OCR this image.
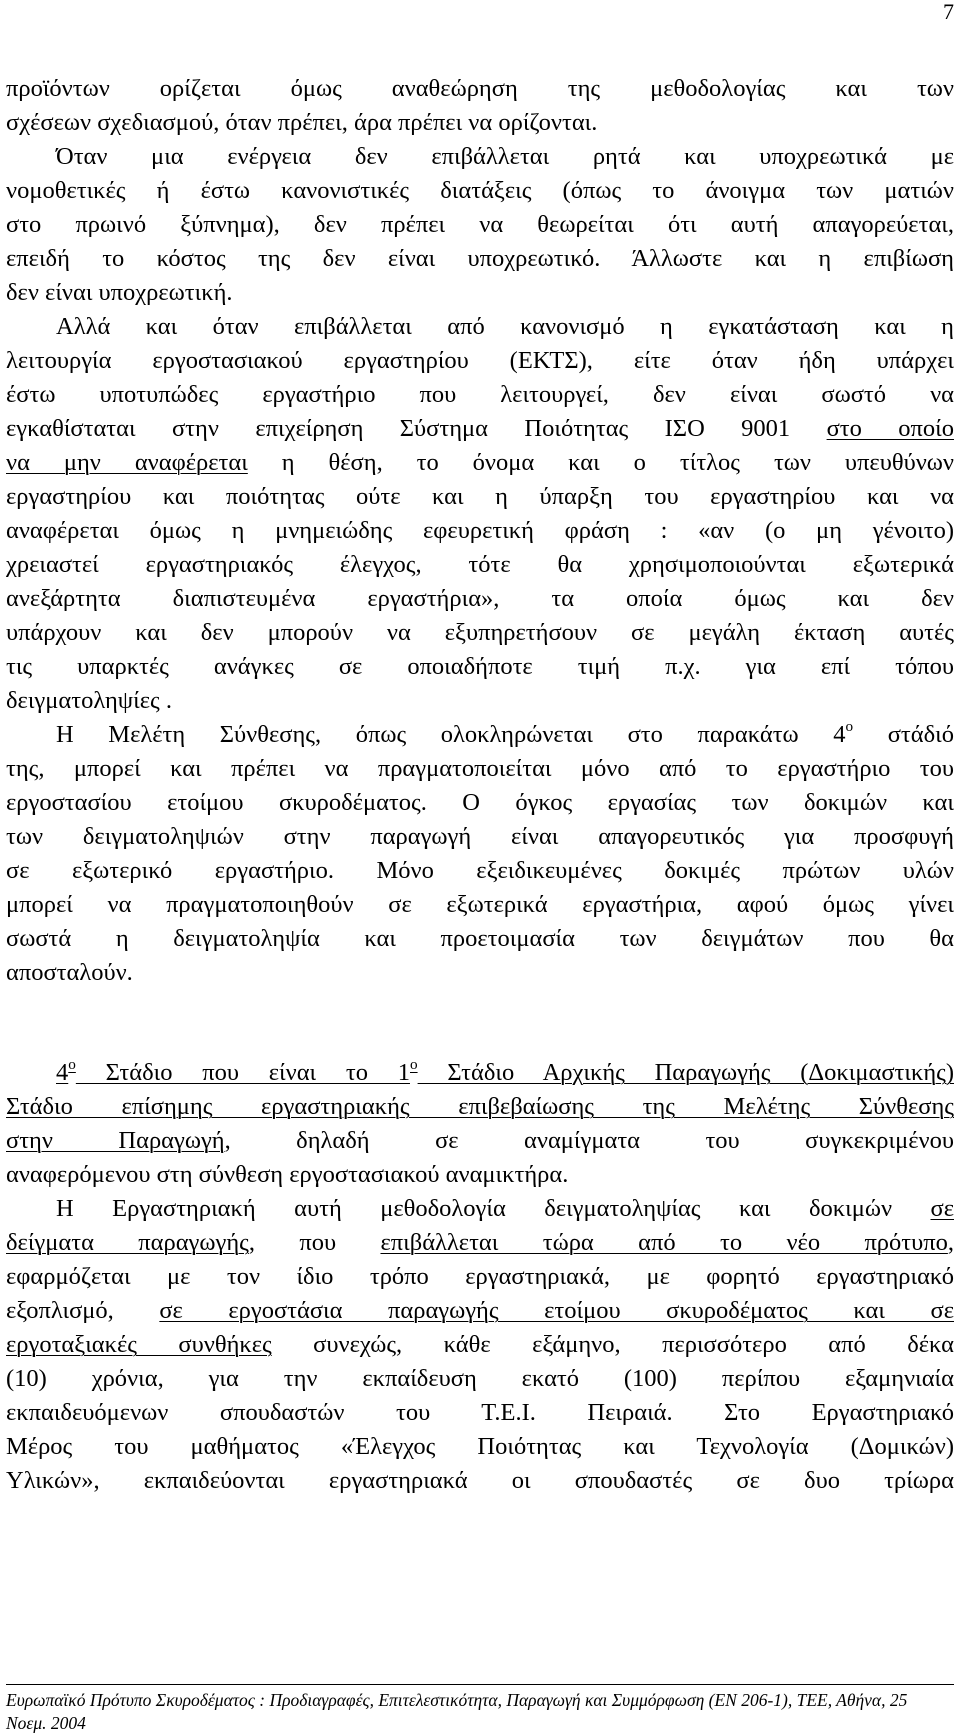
7
προϊόντων ορίζεται όμως αναθεώρηση της μεθοδολογίας και των
σχέσεων σχεδιασμού, όταν πρέπει, άρα πρέπει να ορίζονται.
Όταν μια ενέργεια δεν επιβάλλεται ρητά και υποχρεωτικά με
νομοθετικές ή έστω κανονιστικές διατάξεις (όπως το άνοιγμα των ματιών
στο πρωινό ξύπνημα), δεν πρέπει να θεωρείται ότι αυτή απαγορεύεται,
επειδή το κόστος της δεν είναι υποχρεωτικό. Άλλωστε και η επιβίωση
δεν είναι υποχρεωτική.
Αλλά και όταν επιβάλλεται από κανονισμό η εγκατάσταση και η
λειτουργία εργοστασιακού εργαστηρίου (ΕΚΤΣ), είτε όταν ήδη υπάρχει
έστω υποτυπώδες εργαστήριο που λειτουργεί, δεν είναι σωστό να
εγκαθίσταται στην επιχείρηση Σύστημα Ποιότητας ΙΣΟ 9001 στο οποίο
να μην αναφέρεται η θέση, το όνομα και ο τίτλος των υπευθύνων
εργαστηρίου και ποιότητας ούτε και η ύπαρξη του εργαστηρίου και να
αναφέρεται όμως η μνημειώδης εφευρετική φράση : «αν (ο μη γένοιτο)
χρειαστεί εργαστηριακός έλεγχος, τότε θα χρησιμοποιούνται εξωτερικά
ανεξάρτητα διαπιστευμένα εργαστήρια», τα οποία όμως και δεν
υπάρχουν και δεν μπορούν να εξυπηρετήσουν σε μεγάλη έκταση αυτές
τις υπαρκτές ανάγκες σε οποιαδήποτε τιμή π.χ. για επί τόπου
δειγματοληψίες .
Η Μελέτη Σύνθεσης, όπως ολοκληρώνεται στο παρακάτω $4^o$ στάδιό
της, μπορεί και πρέπει να πραγματοποιείται μόνο από το εργαστήριο του
εργοστασίου ετοίμου σκυροδέματος. Ο όγκος εργασίας των δοκιμών και
των δειγματοληψιών στην παραγωγή είναι απαγορευτικός για προσφυγή
σε εξωτερικό εργαστήριο. Μόνο εξειδικευμένες δοκιμές πρώτων υλών
μπορεί να πραγματοποιηθούν σε εξωτερικά εργαστήρια, αφού όμως γίνει
σωστά η δειγματοληψία και προετοιμασία των δειγμάτων που θα
αποσταλούν.
$4^o$ Στάδιο που είναι το $1^o$ Στάδιο Αρχικής Παραγωγής (Δοκιμαστικής)
Στάδιο επίσημης εργαστηριακής επιβεβαίωσης της Μελέτης Σύνθεσης
στην Παραγωγή, δηλαδή σε αναμίγματα του συγκεκριμένου
αναφερόμενου στη σύνθεση εργοστασιακού αναμικτήρα.
Η Εργαστηριακή αυτή μεθοδολογία δειγματοληψίας και δοκιμών σε
δείγματα παραγωγής, που επιβάλλεται τώρα από το νέο πρότυπο,
εφαρμόζεται με τον ίδιο τρόπο εργαστηριακά, με φορητό εργαστηριακό
εξοπλισμό, σε εργοστάσια παραγωγής ετοίμου σκυροδέματος και σε
εργοταξιακές συνθήκες συνεχώς, κάθε εξάμηνο, περισσότερο από δέκα
(10) χρόνια, για την εκπαίδευση εκατό (100) περίπου εξαμηνιαία
εκπαιδευόμενων σπουδαστών του Τ.Ε.Ι. Πειραιά. Στο Εργαστηριακό
Μέρος του μαθήματος «Έλεγχος Ποιότητας και Τεχνολογία (Δομικών)
Υλικών», εκπαιδεύονται εργαστηριακά οι σπουδαστές σε δυο τρίωρα
Ευρωπαϊκό Πρότυπο Σκυροδέματος : Προδιαγραφές, Επιτελεστικότητα, Παραγωγή και Συμμόρφωση (EN 206-1), ΤΕΕ, Αθήνα, 25
Νοεμ. 2004
